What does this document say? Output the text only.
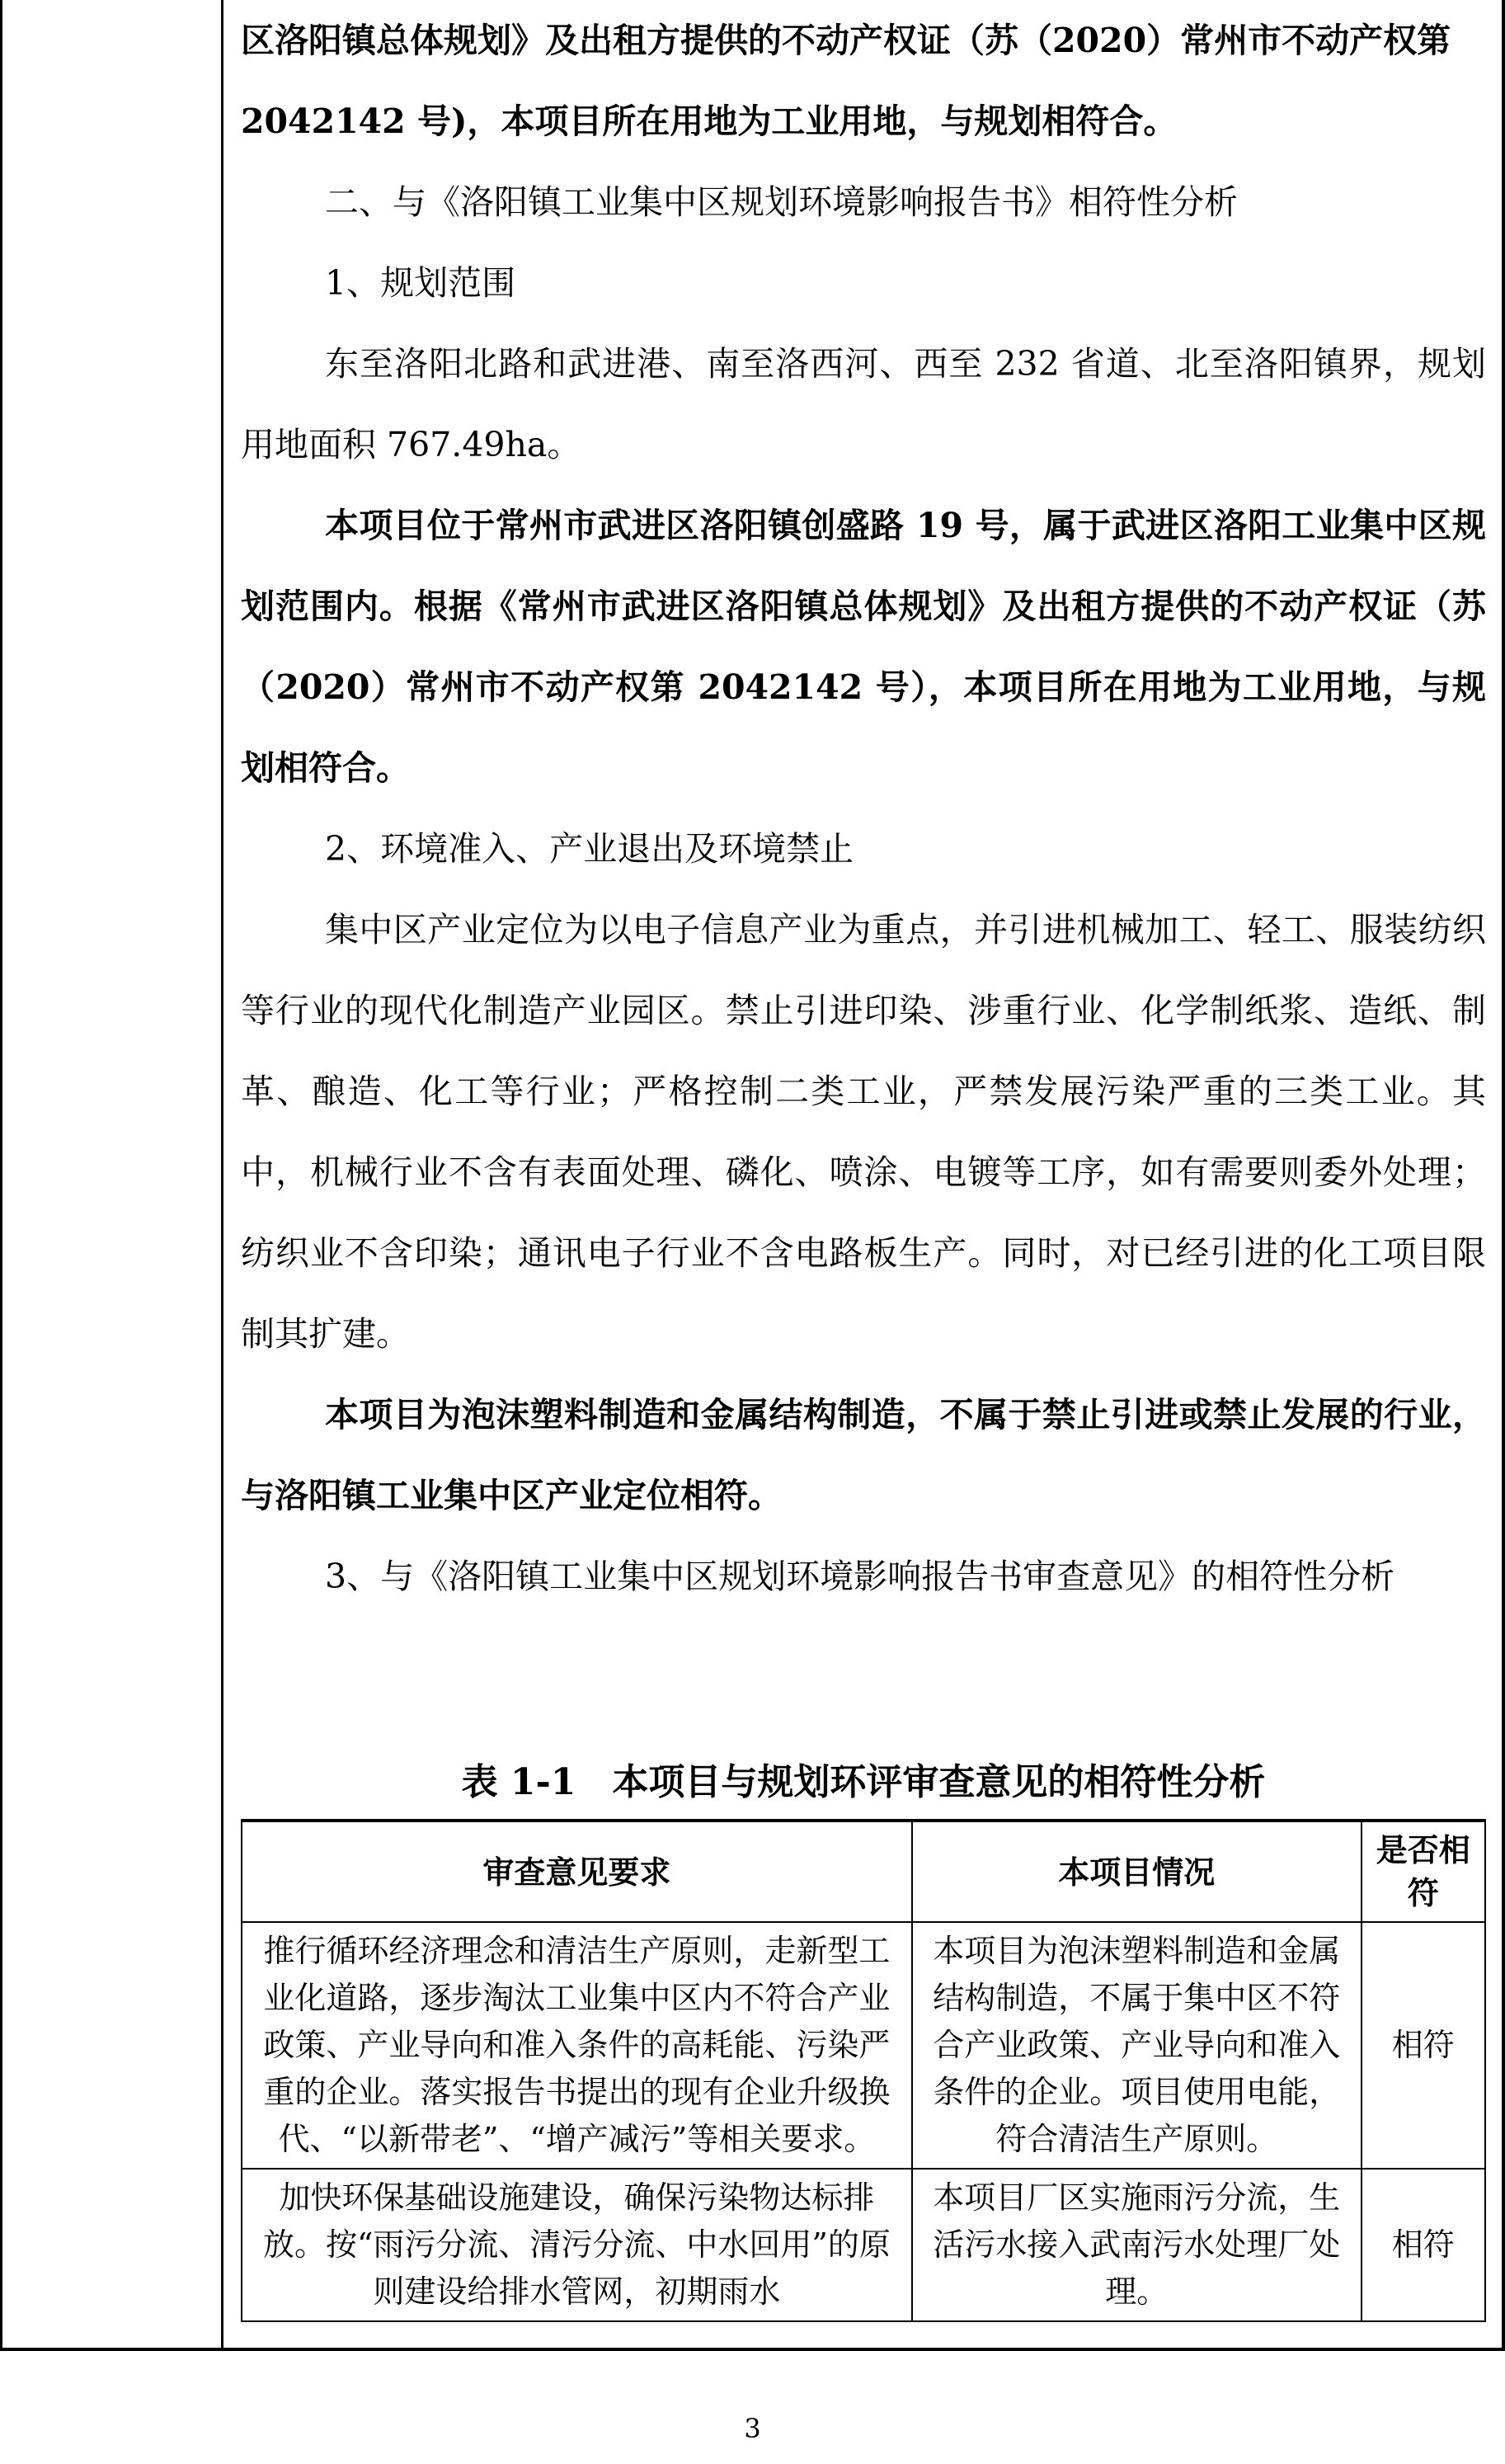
区洛阳镇总体规划》及出租方提供的不动产权证（苏（2020）常州市不动产权第 2042142 号)，本项目所在用地为工业用地，与规划相符合。

二、与《洛阳镇工业集中区规划环境影响报告书》相符性分析

1、规划范围

东至洛阳北路和武进港、南至洛西河、西至 232 省道、北至洛阳镇界，规划用地面积 767.49ha。

本项目位于常州市武进区洛阳镇创盛路 19 号，属于武进区洛阳工业集中区规划范围内。根据《常州市武进区洛阳镇总体规划》及出租方提供的不动产权证（苏（2020）常州市不动产权第 2042142 号），本项目所在用地为工业用地，与规划相符合。

2、环境准入、产业退出及环境禁止

集中区产业定位为以电子信息产业为重点，并引进机械加工、轻工、服装纺织等行业的现代化制造产业园区。禁止引进印染、涉重行业、化学制纸浆、造纸、制革、酿造、化工等行业；严格控制二类工业，严禁发展污染严重的三类工业。其中，机械行业不含有表面处理、磷化、喷涂、电镀等工序，如有需要则委外处理；纺织业不含印染；通讯电子行业不含电路板生产。同时，对已经引进的化工项目限制其扩建。

本项目为泡沫塑料制造和金属结构制造，不属于禁止引进或禁止发展的行业，与洛阳镇工业集中区产业定位相符。

3、与《洛阳镇工业集中区规划环境影响报告书审查意见》的相符性分析

表 1-1　本项目与规划环评审查意见的相符性分析
审查意见要求	本项目情况	是否相符
推行循环经济理念和清洁生产原则，走新型工业化道路，逐步淘汰工业集中区内不符合产业政策、产业导向和准入条件的高耗能、污染严重的企业。落实报告书提出的现有企业升级换代、“以新带老”、“增产减污”等相关要求。	本项目为泡沫塑料制造和金属结构制造，不属于集中区不符合产业政策、产业导向和准入条件的企业。项目使用电能，符合清洁生产原则。	相符
加快环保基础设施建设，确保污染物达标排放。按“雨污分流、清污分流、中水回用”的原则建设给排水管网，初期雨水	本项目厂区实施雨污分流，生活污水接入武南污水处理厂处理。	相符
3
